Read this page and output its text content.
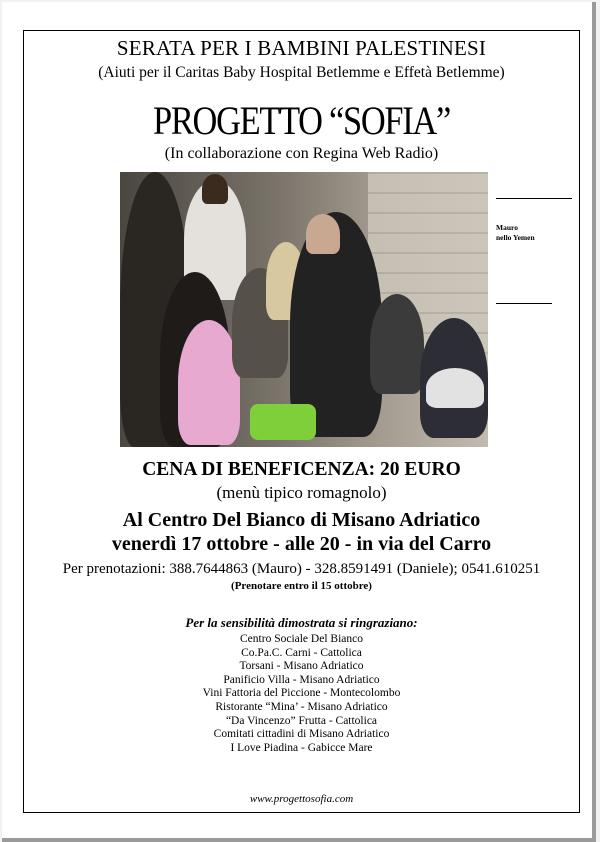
SERATA PER I BAMBINI PALESTINESI
(Aiuti per il Caritas Baby Hospital Betlemme e Effetà Betlemme)
PROGETTO “SOFIA”
(In collaborazione con Regina Web Radio)
Mauro
nello Yemen
CENA DI BENEFICENZA: 20 EURO
(menù tipico romagnolo)
Al Centro Del Bianco di Misano Adriatico
venerdì 17 ottobre - alle 20 - in via del Carro
Per prenotazioni: 388.7644863 (Mauro) - 328.8591491 (Daniele); 0541.610251
(Prenotare entro il 15 ottobre)
Per la sensibilità dimostrata si ringraziano:
Centro Sociale Del Bianco
Co.Pa.C. Carni - Cattolica
Torsani - Misano Adriatico
Panificio Villa - Misano Adriatico
Vini Fattoria del Piccione - Montecolombo
Ristorante “Mina’ - Misano Adriatico
“Da Vincenzo” Frutta - Cattolica
Comitati cittadini di Misano Adriatico
I Love Piadina - Gabicce Mare
www.progettosofia.com
